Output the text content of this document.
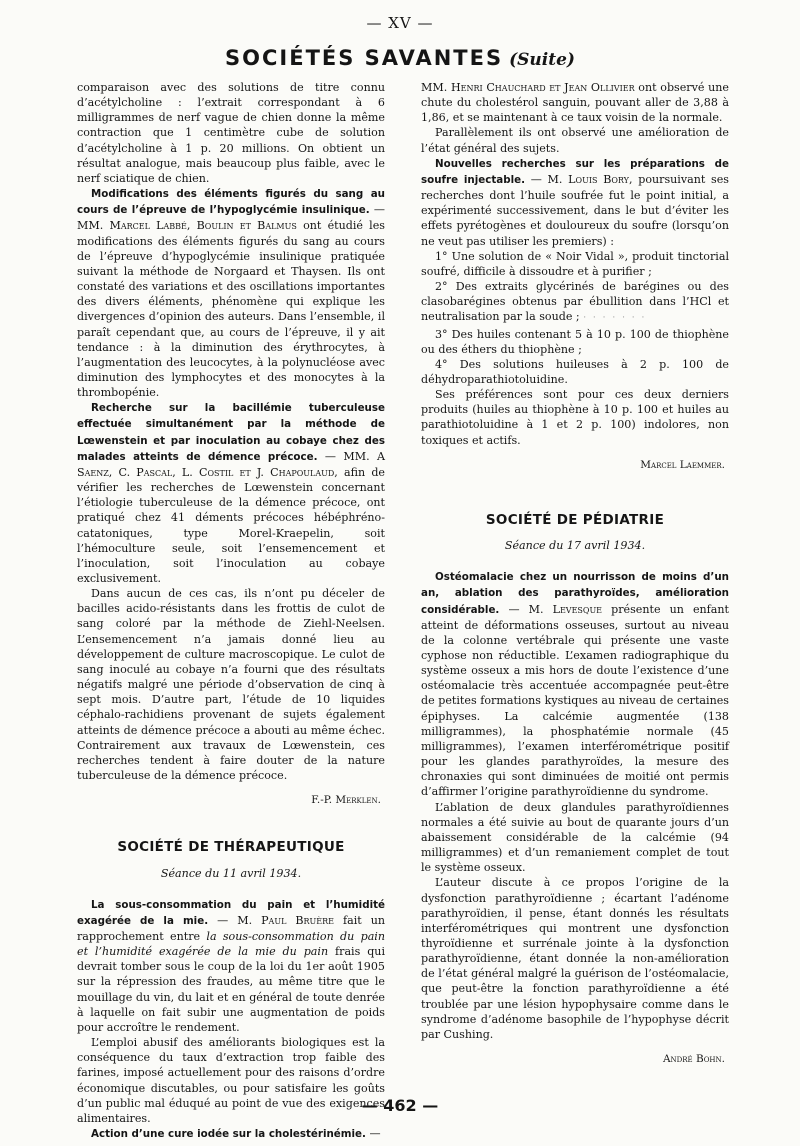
— XV —
SOCIÉTÉS SAVANTES (Suite)

comparaison avec des solutions de titre connu d’acétylcholine : l’extrait correspondant à 6 milligrammes de nerf vague de chien donne la même contraction que 1 centimètre cube de solution d’acétylcholine à 1 p. 20 millions. On obtient un résultat analogue, mais beaucoup plus faible, avec le nerf sciatique de chien.

Modifications des éléments figurés du sang au cours de l’épreuve de l’hypoglycémie insulinique. — MM. Marcel Labbé, Boulin et Balmus ont étudié les modifications des éléments figurés du sang au cours de l’épreuve d’hypoglycémie insulinique pratiquée suivant la méthode de Norgaard et Thaysen. Ils ont constaté des variations et des oscillations importantes des divers éléments, phénomène qui explique les divergences d’opinion des auteurs. Dans l’ensemble, il paraît cependant que, au cours de l’épreuve, il y ait tendance : à la diminution des érythrocytes, à l’augmentation des leucocytes, à la polynucléose avec diminution des lymphocytes et des monocytes à la thrombopénie.

Recherche sur la bacillémie tuberculeuse effectuée simultanément par la méthode de Lœwenstein et par inoculation au cobaye chez des malades atteints de démence précoce. — MM. A Saenz, C. Pascal, L. Costil et J. Chapoulaud, afin de vérifier les recherches de Lœwenstein concernant l’étiologie tuberculeuse de la démence précoce, ont pratiqué chez 41 déments précoces hébéphréno-catatoniques, type Morel-Kraepelin, soit l’hémoculture seule, soit l’ensemencement et l’inoculation, soit l’inoculation au cobaye exclusivement.

Dans aucun de ces cas, ils n’ont pu déceler de bacilles acido-résistants dans les frottis de culot de sang coloré par la méthode de Ziehl-Neelsen. L’ensemencement n’a jamais donné lieu au développement de culture macroscopique. Le culot de sang inoculé au cobaye n’a fourni que des résultats négatifs malgré une période d’observation de cinq à sept mois. D’autre part, l’étude de 10 liquides céphalo-rachidiens provenant de sujets également atteints de démence précoce a abouti au même échec. Contrairement aux travaux de Lœwenstein, ces recherches tendent à faire douter de la nature tuberculeuse de la démence précoce.

F.-P. Merklen.
SOCIÉTÉ DE THÉRAPEUTIQUE
Séance du 11 avril 1934.

La sous-consommation du pain et l’humidité exagérée de la mie. — M. Paul Bruère fait un rapprochement entre la sous-consommation du pain et l’humidité exagérée de la mie du pain frais qui devrait tomber sous le coup de la loi du 1er août 1905 sur la répression des fraudes, au même titre que le mouillage du vin, du lait et en général de toute denrée à laquelle on fait subir une augmentation de poids pour accroître le rendement.

L’emploi abusif des améliorants biologiques est la conséquence du taux d’extraction trop faible des farines, imposé actuellement pour des raisons d’ordre économique discutables, ou pour satisfaire les goûts d’un public mal éduqué au point de vue des exigences alimentaires.

Action d’une cure iodée sur la cholestérinémie. —

MM. Henri Chauchard et Jean Ollivier ont observé une chute du cholestérol sanguin, pouvant aller de 3,88 à 1,86, et se maintenant à ce taux voisin de la normale.

Parallèlement ils ont observé une amélioration de l’état général des sujets.

Nouvelles recherches sur les préparations de soufre injectable. — M. Louis Bory, poursuivant ses recherches dont l’huile soufrée fut le point initial, a expérimenté successivement, dans le but d’éviter les effets pyrétogènes et douloureux du soufre (lorsqu’on ne veut pas utiliser les premiers) :

1° Une solution de « Noir Vidal », produit tinctorial soufré, difficile à dissoudre et à purifier ;

2° Des extraits glycérinés de barégines ou des clasobarégines obtenus par ébullition dans l’HCl et neutralisation par la soude ; · · · · · · ·

3° Des huiles contenant 5 à 10 p. 100 de thiophène ou des éthers du thiophène ;

4° Des solutions huileuses à 2 p. 100 de déhydroparathiotoluidine.

Ses préférences sont pour ces deux derniers produits (huiles au thiophène à 10 p. 100 et huiles au parathiotoluidine à 1 et 2 p. 100) indolores, non toxiques et actifs.

Marcel Laemmer.
SOCIÉTÉ DE PÉDIATRIE
Séance du 17 avril 1934.

Ostéomalacie chez un nourrisson de moins d’un an, ablation des parathyroïdes, amélioration considérable. — M. Levesque présente un enfant atteint de déformations osseuses, surtout au niveau de la colonne vertébrale qui présente une vaste cyphose non réductible. L’examen radiographique du système osseux a mis hors de doute l’existence d’une ostéomalacie très accentuée accompagnée peut-être de petites formations kystiques au niveau de certaines épiphyses. La calcémie augmentée (138 milligrammes), la phosphatémie normale (45 milligrammes), l’examen interférométrique positif pour les glandes parathyroïdes, la mesure des chronaxies qui sont diminuées de moitié ont permis d’affirmer l’origine parathyroïdienne du syndrome.

L’ablation de deux glandules parathyroïdiennes normales a été suivie au bout de quarante jours d’un abaissement considérable de la calcémie (94 milligrammes) et d’un remaniement complet de tout le système osseux.

L’auteur discute à ce propos l’origine de la dysfonction parathyroïdienne ; écartant l’adénome parathyroïdien, il pense, étant donnés les résultats interférométriques qui montrent une dysfonction thyroïdienne et surrénale jointe à la dysfonction parathyroïdienne, étant donnée la non-amélioration de l’état général malgré la guérison de l’ostéomalacie, que peut-être la fonction parathyroïdienne a été troublée par une lésion hypophysaire comme dans le syndrome d’adénome basophile de l’hypophyse décrit par Cushing.

André Bohn.
— 462 —
